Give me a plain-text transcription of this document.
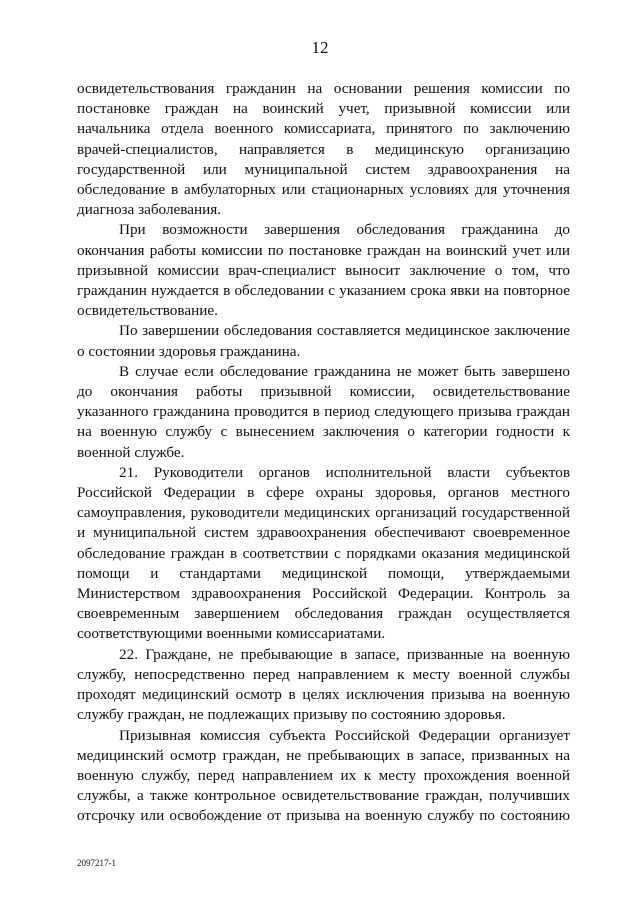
12

освидетельствования гражданин на основании решения комиссии по постановке граждан на воинский учет, призывной комиссии или начальника отдела военного комиссариата, принятого по заключению врачей-специалистов, направляется в медицинскую организацию государственной или муниципальной систем здравоохранения на обследование в амбулаторных или стационарных условиях для уточнения диагноза заболевания.

При возможности завершения обследования гражданина до окончания работы комиссии по постановке граждан на воинский учет или призывной комиссии врач-специалист выносит заключение о том, что гражданин нуждается в обследовании с указанием срока явки на повторное освидетельствование.

По завершении обследования составляется медицинское заключение о состоянии здоровья гражданина.

В случае если обследование гражданина не может быть завершено до окончания работы призывной комиссии, освидетельствование указанного гражданина проводится в период следующего призыва граждан на военную службу с вынесением заключения о категории годности к военной службе.

21. Руководители органов исполнительной власти субъектов Российской Федерации в сфере охраны здоровья, органов местного самоуправления, руководители медицинских организаций государственной и муниципальной систем здравоохранения обеспечивают своевременное обследование граждан в соответствии с порядками оказания медицинской помощи и стандартами медицинской помощи, утверждаемыми Министерством здравоохранения Российской Федерации. Контроль за своевременным завершением обследования граждан осуществляется соответствующими военными комиссариатами.

22. Граждане, не пребывающие в запасе, призванные на военную службу, непосредственно перед направлением к месту военной службы проходят медицинский осмотр в целях исключения призыва на военную службу граждан, не подлежащих призыву по состоянию здоровья.

Призывная комиссия субъекта Российской Федерации организует медицинский осмотр граждан, не пребывающих в запасе, призванных на военную службу, перед направлением их к месту прохождения военной службы, а также контрольное освидетельствование граждан, получивших отсрочку или освобождение от призыва на военную службу по состоянию

2097217-1
